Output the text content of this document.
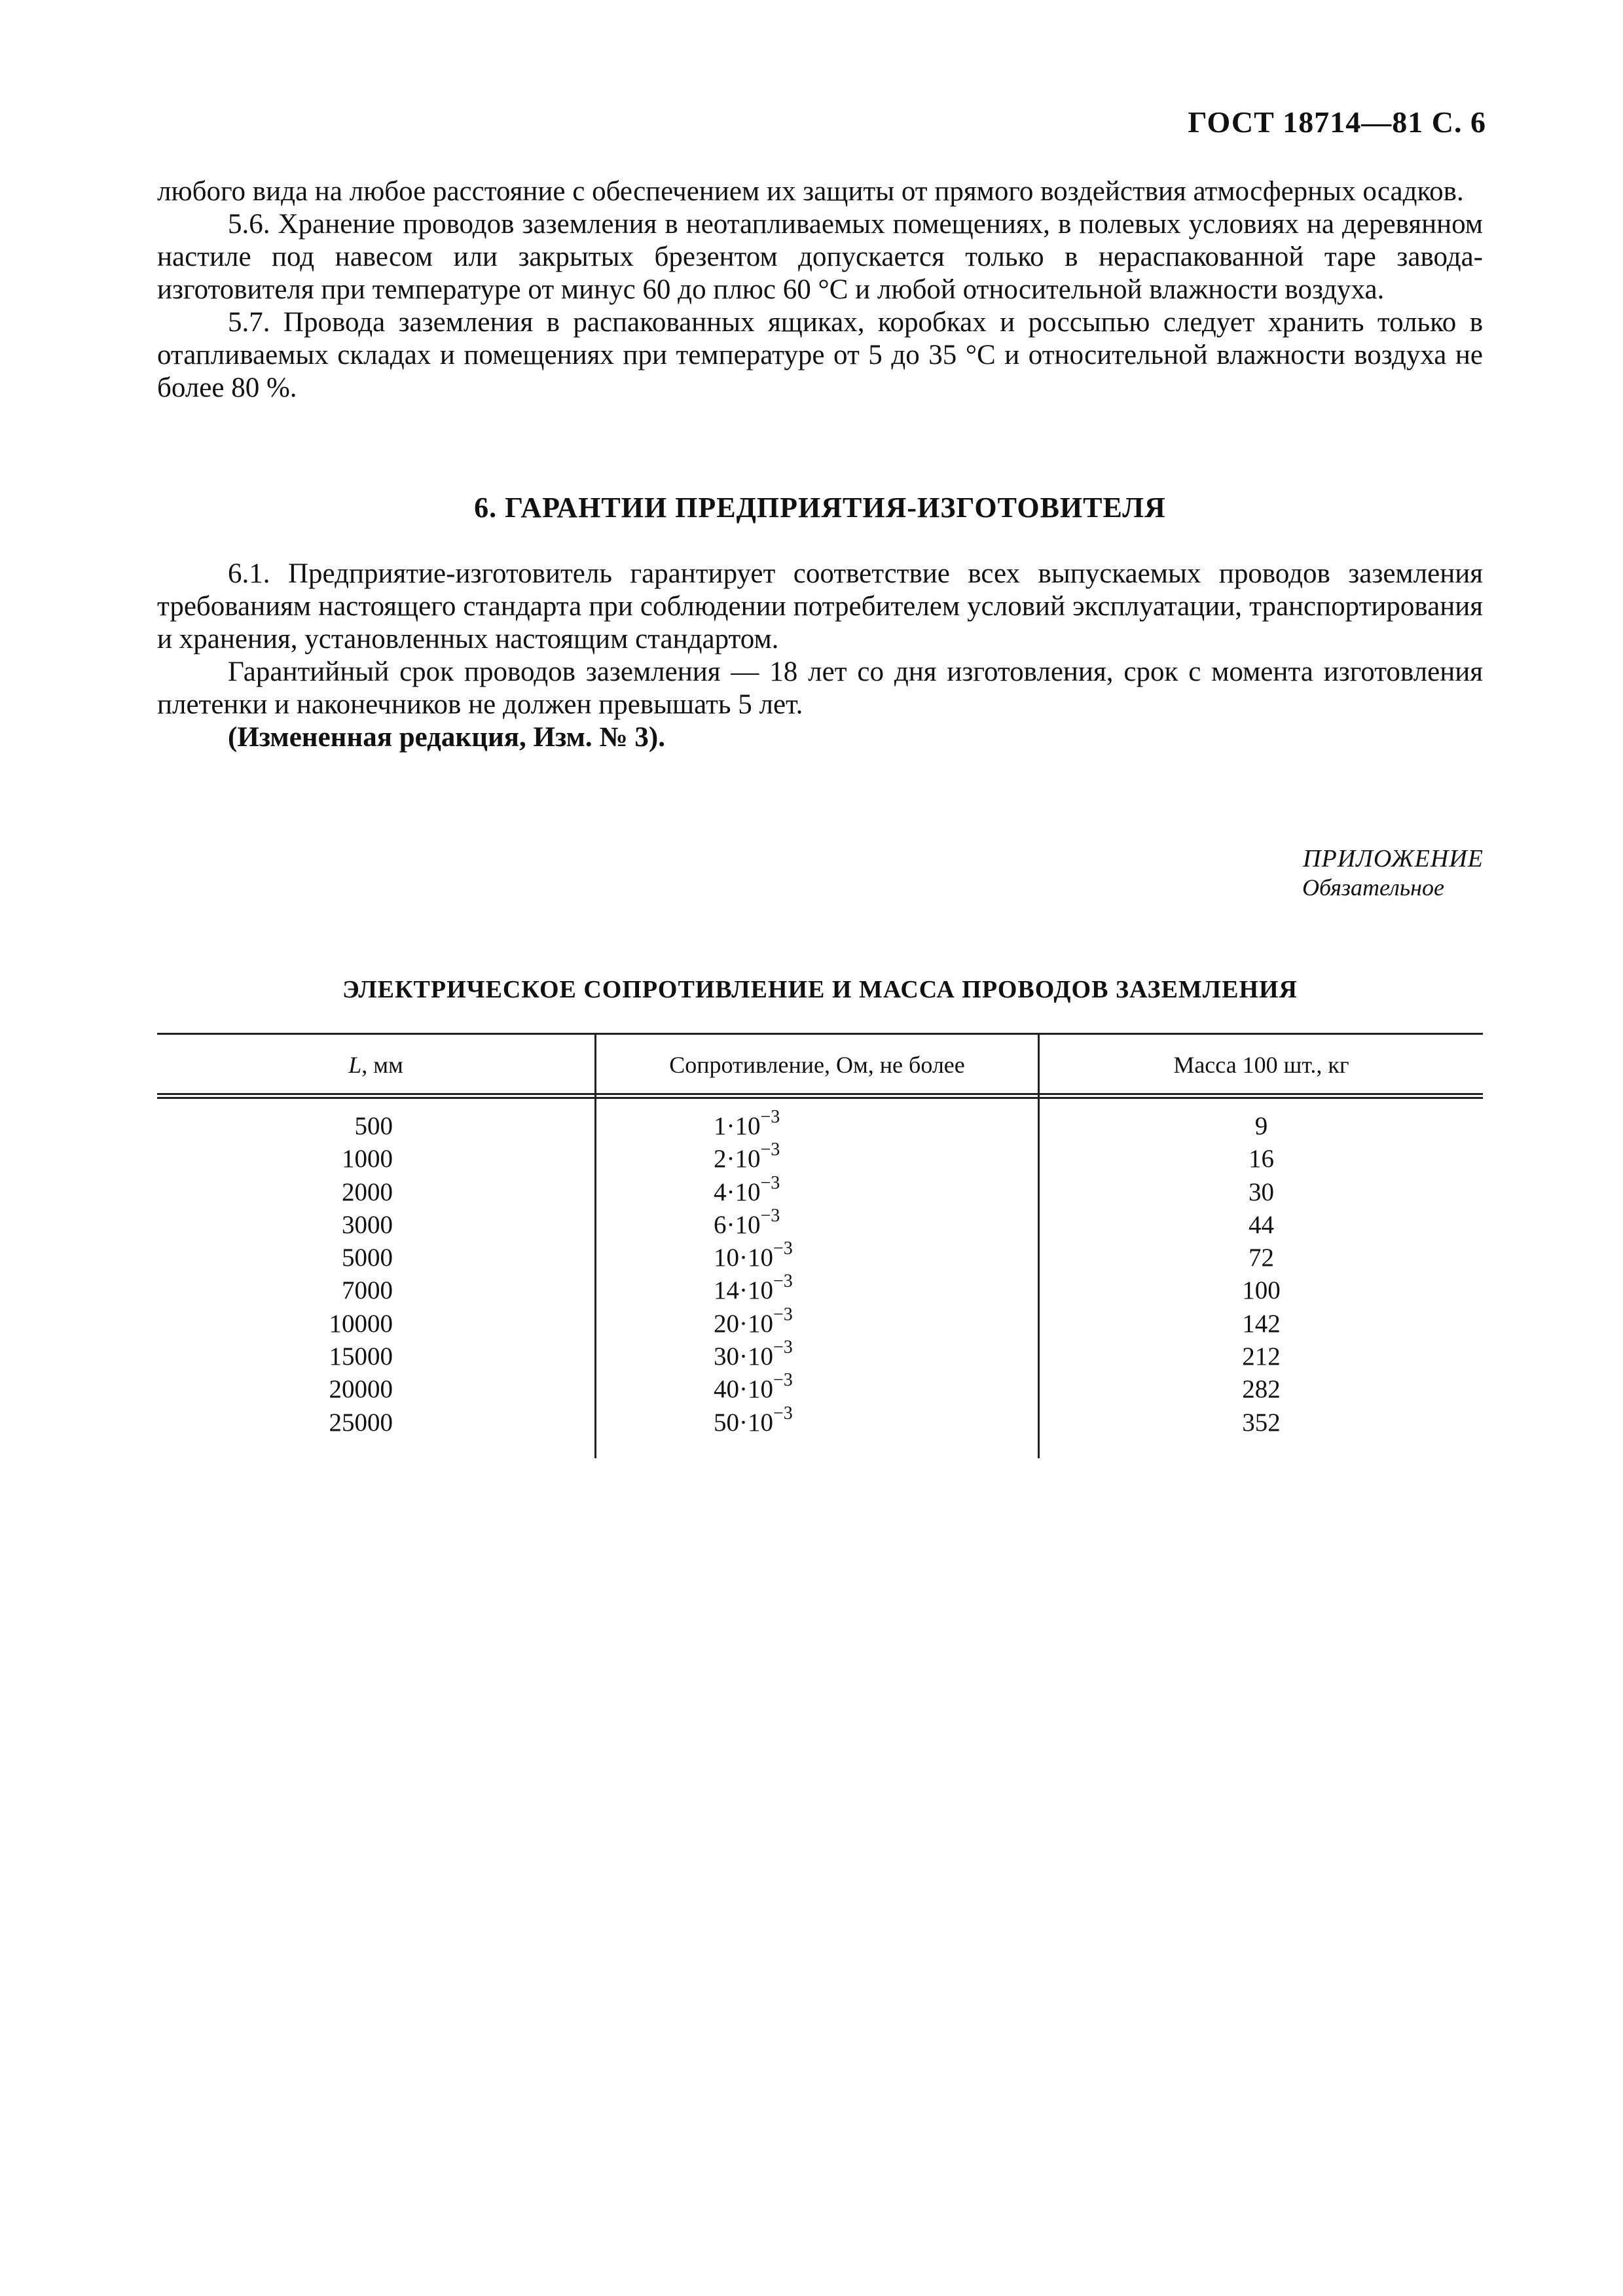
ГОСТ 18714—81 С. 6

любого вида на любое расстояние с обеспечением их защиты от прямого воздействия атмосферных осадков.

5.6. Хранение проводов заземления в неотапливаемых помещениях, в полевых условиях на деревянном настиле под навесом или закрытых брезентом допускается только в нераспакованной таре завода-изготовителя при температуре от минус 60 до плюс 60 °С и любой относительной влажности воздуха.

5.7. Провода заземления в распакованных ящиках, коробках и россыпью следует хранить только в отапливаемых складах и помещениях при температуре от 5 до 35 °С и относительной влажности воздуха не более 80 %.

6. ГАРАНТИИ ПРЕДПРИЯТИЯ-ИЗГОТОВИТЕЛЯ

6.1. Предприятие-изготовитель гарантирует соответствие всех выпускаемых проводов заземления требованиям настоящего стандарта при соблюдении потребителем условий эксплуатации, транспортирования и хранения, установленных настоящим стандартом.

Гарантийный срок проводов заземления — 18 лет со дня изготовления, срок с момента изготовления плетенки и наконечников не должен превышать 5 лет.

(Измененная редакция, Изм. № 3).

ПРИЛОЖЕНИЕ
Обязательное
ЭЛЕКТРИЧЕСКОЕ СОПРОТИВЛЕНИЕ И МАССА ПРОВОДОВ ЗАЗЕМЛЕНИЯ
L, мм	Сопротивление, Ом, не более	Масса 100 шт., кг
500	$1\cdot 10^{-3}$	9
1000	$2\cdot 10^{-3}$	16
2000	$4\cdot 10^{-3}$	30
3000	$6\cdot 10^{-3}$	44
5000	$10\cdot 10^{-3}$	72
7000	$14\cdot 10^{-3}$	100
10000	$20\cdot 10^{-3}$	142
15000	$30\cdot 10^{-3}$	212
20000	$40\cdot 10^{-3}$	282
25000	$50\cdot 10^{-3}$	352
